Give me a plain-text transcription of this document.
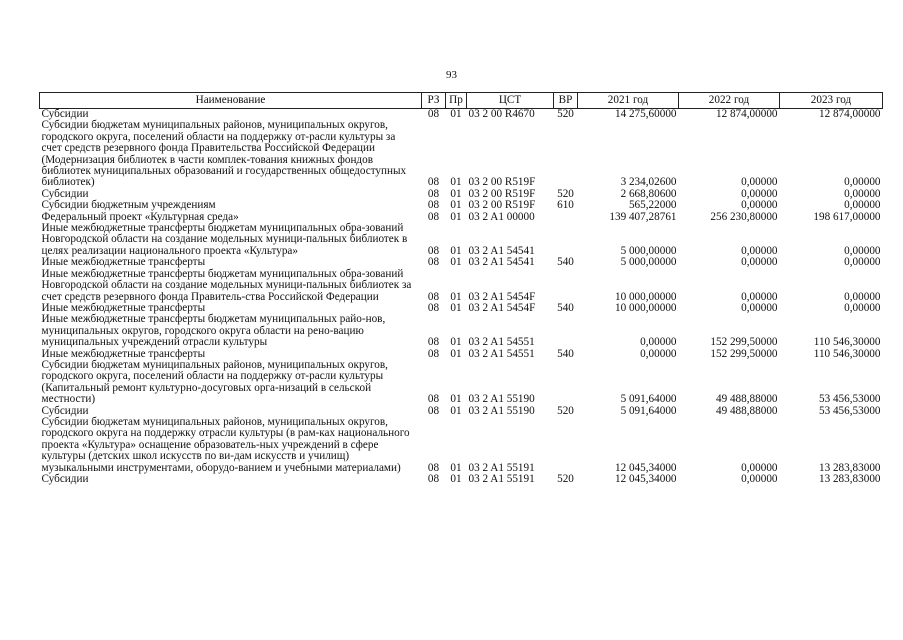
93
Наименование	РЗ	Пр	ЦСТ	ВР	2021 год	2022 год	2023 год
Субсидии	08	01	03 2 00 R4670	520	14 275,60000	12 874,00000	12 874,00000
Субсидии бюджетам муниципальных районов, муниципальных округов, городского округа, поселений области на поддержку от-расли культуры за счет средств резервного фонда Правительства Российской Федерации (Модернизация библиотек в части комплек-тования книжных фондов библиотек муниципальных образований и государственных общедоступных библиотек)	08	01	03 2 00 R519F		3 234,02600	0,00000	0,00000
Субсидии	08	01	03 2 00 R519F	520	2 668,80600	0,00000	0,00000
Субсидии бюджетным учреждениям	08	01	03 2 00 R519F	610	565,22000	0,00000	0,00000
Федеральный проект «Культурная среда»	08	01	03 2 A1 00000		139 407,28761	256 230,80000	198 617,00000
Иные межбюджетные трансферты бюджетам муниципальных обра-зований Новгородской области на создание модельных муници-пальных библиотек в целях реализации национального проекта «Культура»	08	01	03 2 A1 54541		5 000,00000	0,00000	0,00000
Иные межбюджетные трансферты	08	01	03 2 A1 54541	540	5 000,00000	0,00000	0,00000
Иные межбюджетные трансферты бюджетам муниципальных обра-зований Новгородской области на создание модельных муници-пальных библиотек за счет средств резервного фонда Правитель-ства Российской Федерации	08	01	03 2 A1 5454F		10 000,00000	0,00000	0,00000
Иные межбюджетные трансферты	08	01	03 2 A1 5454F	540	10 000,00000	0,00000	0,00000
Иные межбюджетные трансферты бюджетам муниципальных райо-нов, муниципальных округов, городского округа области на рено-вацию муниципальных учреждений отрасли культуры	08	01	03 2 A1 54551		0,00000	152 299,50000	110 546,30000
Иные межбюджетные трансферты	08	01	03 2 A1 54551	540	0,00000	152 299,50000	110 546,30000
Субсидии бюджетам муниципальных районов, муниципальных округов, городского округа, поселений области на поддержку от-расли культуры (Капитальный ремонт культурно-досуговых орга-низаций в сельской местности)	08	01	03 2 A1 55190		5 091,64000	49 488,88000	53 456,53000
Субсидии	08	01	03 2 A1 55190	520	5 091,64000	49 488,88000	53 456,53000
Субсидии бюджетам муниципальных районов, муниципальных округов, городского округа на поддержку отрасли культуры (в рам-ках национального проекта «Культура» оснащение образователь-ных учреждений в сфере культуры (детских школ искусств по ви-дам искусств и училищ) музыкальными инструментами, оборудо-ванием и учебными материалами)	08	01	03 2 A1 55191		12 045,34000	0,00000	13 283,83000
Субсидии	08	01	03 2 A1 55191	520	12 045,34000	0,00000	13 283,83000
